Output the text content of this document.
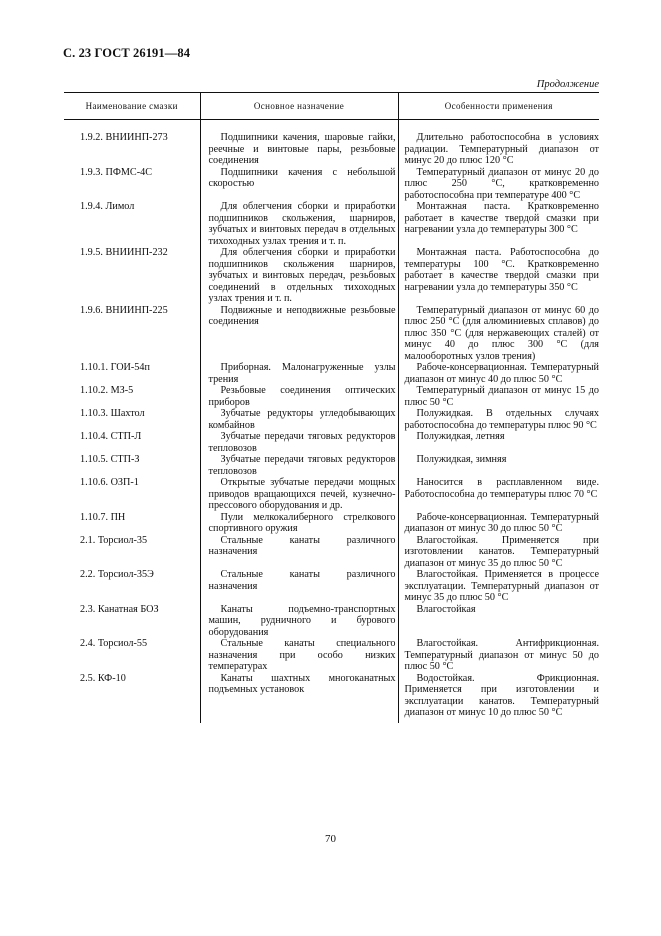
С. 23 ГОСТ 26191—84
Продолжение
Наименование смазки	Основное назначение	Особенности применения
1.9.2. ВНИИНП-273	Подшипники качения, шаровые гайки, реечные и винтовые пары, резьбовые соединения	Длительно работоспособна в условиях радиации. Температурный диапазон от минус 20 до плюс 120 °С
1.9.3. ПФМС-4С	Подшипники качения с небольшой скоростью	Температурный диапазон от минус 20 до плюс 250 °С, кратковременно работоспособна при температуре 400 °С
1.9.4. Лимол	Для облегчения сборки и приработки подшипников скольжения, шарниров, зубчатых и винтовых передач в отдельных тихоходных узлах трения и т. п.	Монтажная паста. Кратковременно работает в качестве твердой смазки при нагревании узла до температуры 300 °С
1.9.5. ВНИИНП-232	Для облегчения сборки и приработки подшипников скольжения шарниров, зубчатых и винтовых передач, резьбовых соединений в отдельных тихоходных узлах трения и т. п.	Монтажная паста. Работоспособна до температуры 100 °С. Кратковременно работает в качестве твердой смазки при нагревании узла до температуры 350 °С
1.9.6. ВНИИНП-225	Подвижные и неподвижные резьбовые соединения	Температурный диапазон от минус 60 до плюс 250 °С (для алюминиевых сплавов) до плюс 350 °С (для нержавеющих сталей) от минус 40 до плюс 300 °С (для малооборотных узлов трения)
1.10.1. ГОИ-54п	Приборная. Малонагруженные узлы трения	Рабоче-консервационная. Температурный диапазон от минус 40 до плюс 50 °С
1.10.2. МЗ-5	Резьбовые соединения оптических приборов	Температурный диапазон от минус 15 до плюс 50 °С
1.10.3. Шахтол	Зубчатые редукторы угледобывающих комбайнов	Полужидкая. В отдельных случаях работоспособна до температуры плюс 90 °С
1.10.4. СТП-Л	Зубчатые передачи тяговых редукторов тепловозов	Полужидкая, летняя
1.10.5. СТП-З	Зубчатые передачи тяговых редукторов тепловозов	Полужидкая, зимняя
1.10.6. ОЗП-1	Открытые зубчатые передачи мощных приводов вращающихся печей, кузнечно-прессового оборудования и др.	Наносится в расплавленном виде. Работоспособна до температуры плюс 70 °С
1.10.7. ПН	Пули мелкокалиберного стрелкового спортивного оружия	Рабоче-консервационная. Температурный диапазон от минус 30 до плюс 50 °С
2.1. Торсиол-35	Стальные канаты различного назначения	Влагостойкая. Применяется при изготовлении канатов. Температурный диапазон от минус 35 до плюс 50 °С
2.2. Торсиол-35Э	Стальные канаты различного назначения	Влагостойкая. Применяется в процессе эксплуатации. Температурный диапазон от минус 35 до плюс 50 °С
2.3. Канатная БОЗ	Канаты подъемно-транспортных машин, рудничного и бурового оборудования	Влагостойкая
2.4. Торсиол-55	Стальные канаты специального назначения при особо низких температурах	Влагостойкая. Антифрикционная. Температурный диапазон от минус 50 до плюс 50 °С
2.5. КФ-10	Канаты шахтных многоканатных подъемных установок	Водостойкая. Фрикционная. Применяется при изготовлении и эксплуатации канатов. Температурный диапазон от минус 10 до плюс 50 °С
70
